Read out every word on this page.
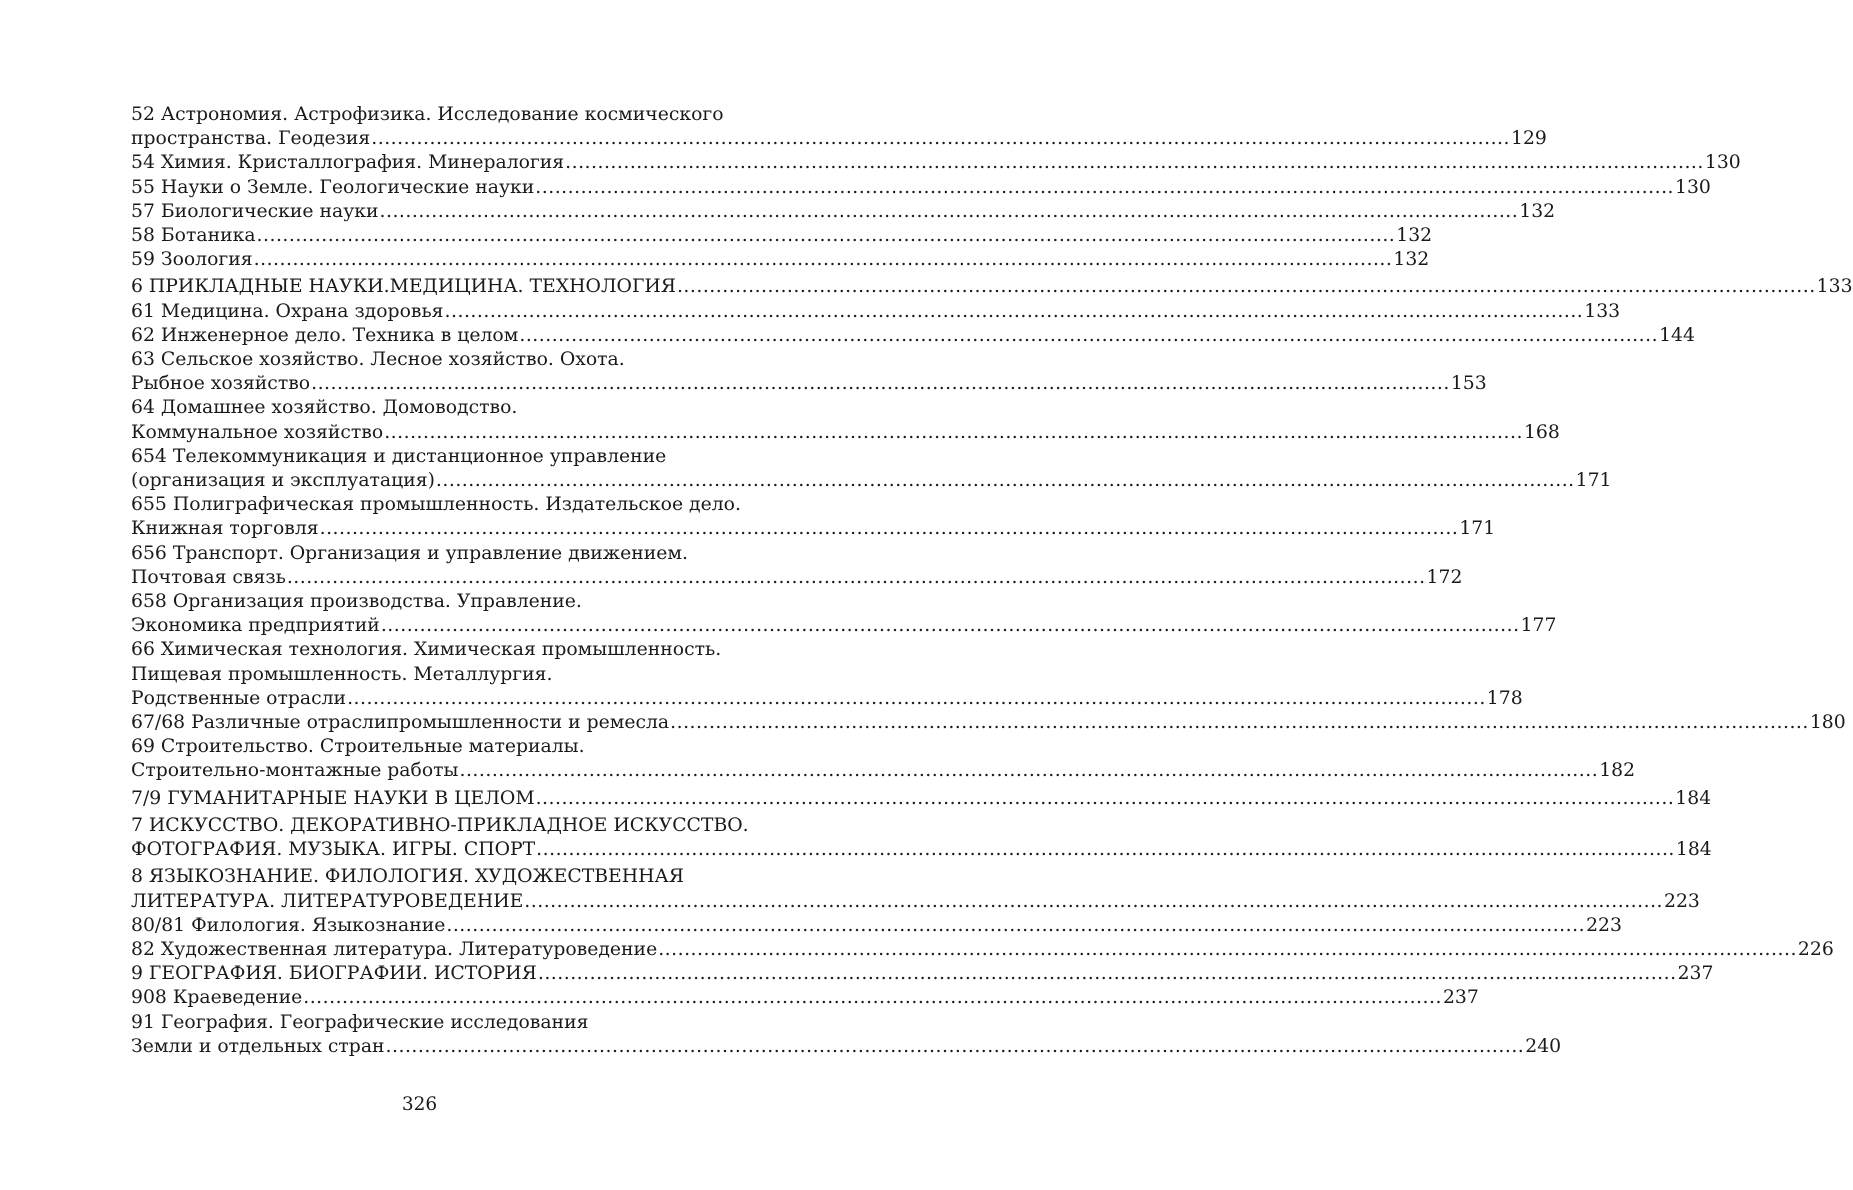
52 Астрономия. Астрофизика. Исследование космического
пространства. Геодезия .....	129
54 Химия. Кристаллография. Минералогия .....	130
55 Науки о Земле. Геологические науки .....	130
57 Биологические науки .....	132
58 Ботаника .....	132
59 Зоология .....	132
6 ПРИКЛАДНЫЕ НАУКИ.МЕДИЦИНА. ТЕХНОЛОГИЯ .....	133
61 Медицина. Охрана здоровья .....	133
62 Инженерное дело. Техника в целом .....	144
63 Сельское хозяйство. Лесное хозяйство. Охота.
Рыбное хозяйство .....	153
64 Домашнее хозяйство. Домоводство.
Коммунальное хозяйство .....	168
654 Телекоммуникация и дистанционное управление
(организация и эксплуатация) .....	171
655 Полиграфическая промышленность. Издательское дело.
Книжная торговля .....	171
656 Транспорт. Организация и управление движением.
Почтовая связь .....	172
658 Организация производства. Управление.
Экономика предприятий .....	177
66 Химическая технология. Химическая промышленность.
Пищевая промышленность. Металлургия.
Родственные отрасли .....	178
67/68 Различные отраслипромышленности и ремесла .....	180
69 Строительство. Строительные материалы.
Строительно-монтажные работы .....	182
7/9 ГУМАНИТАРНЫЕ НАУКИ В ЦЕЛОМ .....	184
7 ИСКУССТВО. ДЕКОРАТИВНО-ПРИКЛАДНОЕ ИСКУССТВО.
ФОТОГРАФИЯ. МУЗЫКА. ИГРЫ. СПОРТ .....	184
8 ЯЗЫКОЗНАНИЕ. ФИЛОЛОГИЯ. ХУДОЖЕСТВЕННАЯ
ЛИТЕРАТУРА. ЛИТЕРАТУРОВЕДЕНИЕ .....	223
80/81 Филология. Языкознание .....	223
82 Художественная литература. Литературоведение .....	226
9 ГЕОГРАФИЯ. БИОГРАФИИ. ИСТОРИЯ .....	237
908 Краеведение .....	237
91 География. Географические исследования
Земли и отдельных стран .....	240
326
